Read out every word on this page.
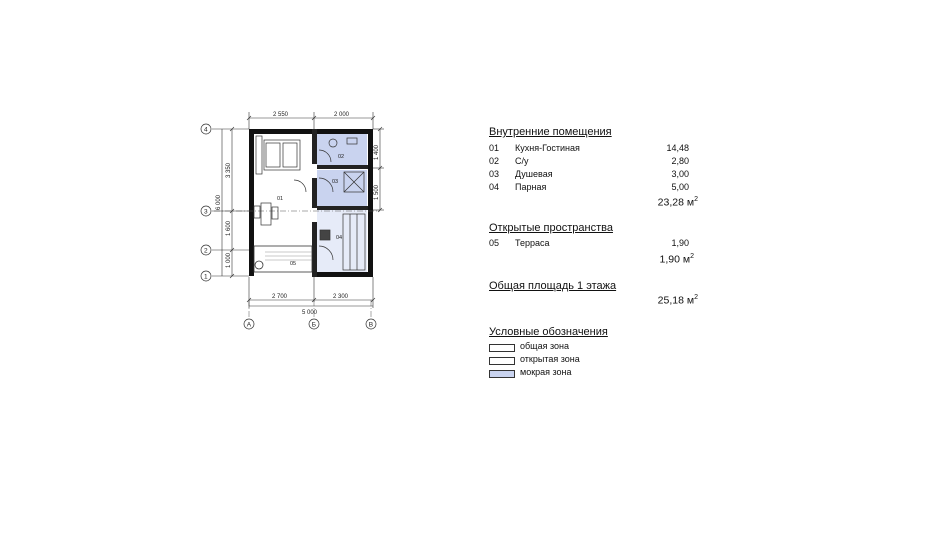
01
02
03
04
05
2 550	2 000
2 700	2 300
5 000
3 350
1 600
1 000
6 000
1 400
1 500
4
3
2
1
А	Б	В
Внутренние помещения
01 Кухня-Гостиная	14,48
02 С/у	2,80
03 Душевая	3,00
04 Парная	5,00
23,28 $м^2$
Открытые пространства
05 Терраса	1,90
1,90 $м^2$
Общая площадь 1 этажа
25,18 $м^2$
Условные обозначения
общая зона
открытая зона
мокрая зона
